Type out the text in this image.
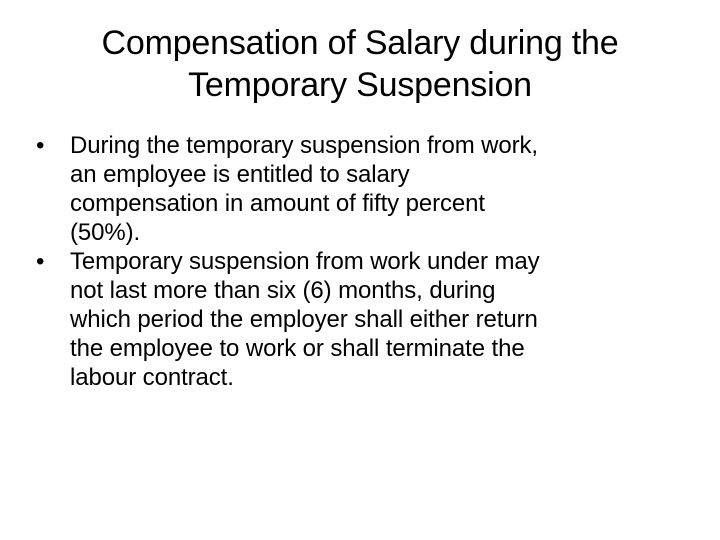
Compensation of Salary during the
Temporary Suspension
•	During the temporary suspension from work,
an employee is entitled to salary
compensation in amount of fifty percent
(50%).
•	Temporary suspension from work under may
not last more than six (6) months, during
which period the employer shall either return
the employee to work or shall terminate the
labour contract.
